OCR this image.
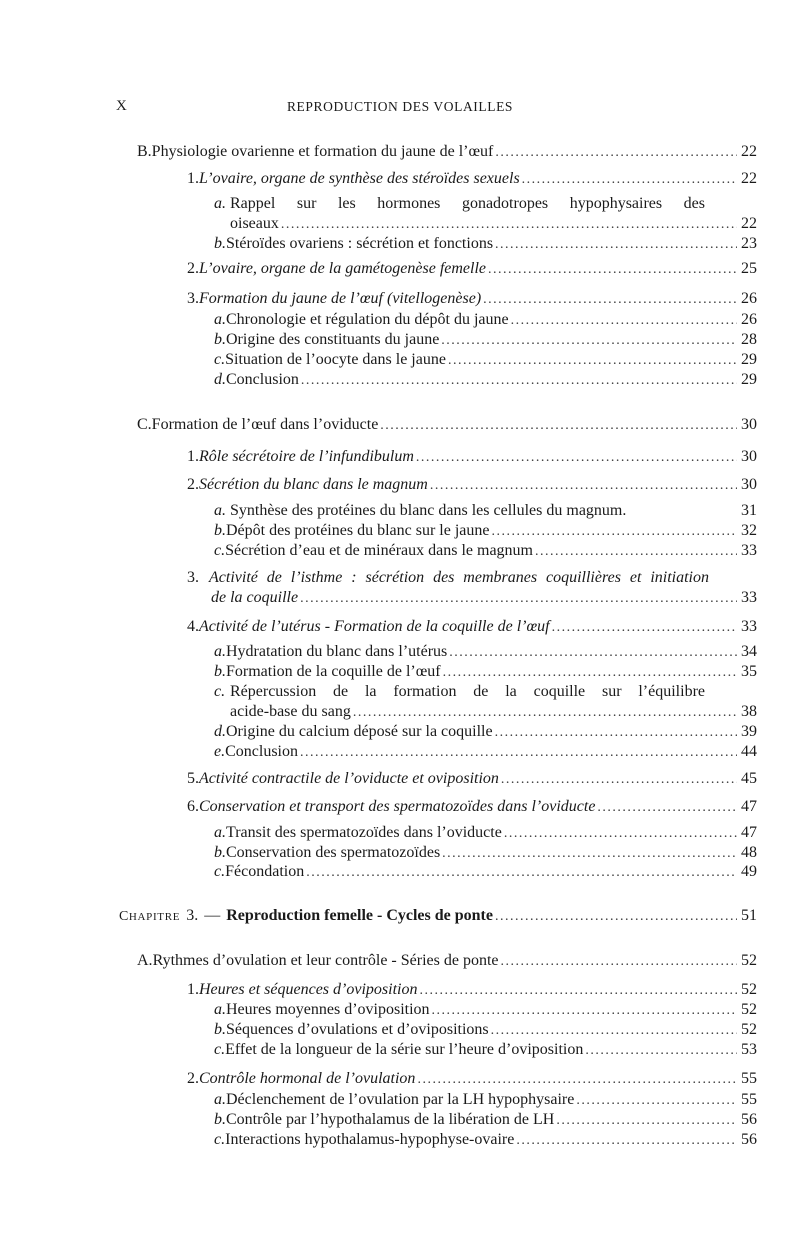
X	REPRODUCTION DES VOLAILLES
B. Physiologie ovarienne et formation du jaune de l’œuf .....	22
1. L’ovaire, organe de synthèse des stéroïdes sexuels .....	22
a. Rappel sur les hormones gonadotropes hypophysaires des
oiseaux .....	22
b. Stéroïdes ovariens : sécrétion et fonctions .....	23
2. L’ovaire, organe de la gamétogenèse femelle .....	25
3. Formation du jaune de l’œuf (vitellogenèse) .....	26
a. Chronologie et régulation du dépôt du jaune .....	26
b. Origine des constituants du jaune .....	28
c. Situation de l’oocyte dans le jaune .....	29
d. Conclusion .....	29
C. Formation de l’œuf dans l’oviducte .....	30
1. Rôle sécrétoire de l’infundibulum .....	30
2. Sécrétion du blanc dans le magnum .....	30
a. Synthèse des protéines du blanc dans les cellules du magnum.	31
b. Dépôt des protéines du blanc sur le jaune .....	32
c. Sécrétion d’eau et de minéraux dans le magnum .....	33
3. Activité de l’isthme : sécrétion des membranes coquillières et initiation
de la coquille .....	33
4. Activité de l’utérus - Formation de la coquille de l’œuf .....	33
a. Hydratation du blanc dans l’utérus .....	34
b. Formation de la coquille de l’œuf .....	35
c. Répercussion de la formation de la coquille sur l’équilibre
acide-base du sang .....	38
d. Origine du calcium déposé sur la coquille .....	39
e. Conclusion .....	44
5. Activité contractile de l’oviducte et oviposition .....	45
6. Conservation et transport des spermatozoïdes dans l’oviducte .....	47
a. Transit des spermatozoïdes dans l’oviducte .....	47
b. Conservation des spermatozoïdes .....	48
c. Fécondation .....	49
CHAPITRE 3. — Reproduction femelle - Cycles de ponte .....	51
A. Rythmes d’ovulation et leur contrôle - Séries de ponte .....	52
1. Heures et séquences d’oviposition .....	52
a. Heures moyennes d’oviposition .....	52
b. Séquences d’ovulations et d’ovipositions .....	52
c. Effet de la longueur de la série sur l’heure d’oviposition .....	53
2. Contrôle hormonal de l’ovulation .....	55
a. Déclenchement de l’ovulation par la LH hypophysaire .....	55
b. Contrôle par l’hypothalamus de la libération de LH .....	56
c. Interactions hypothalamus-hypophyse-ovaire .....	56
